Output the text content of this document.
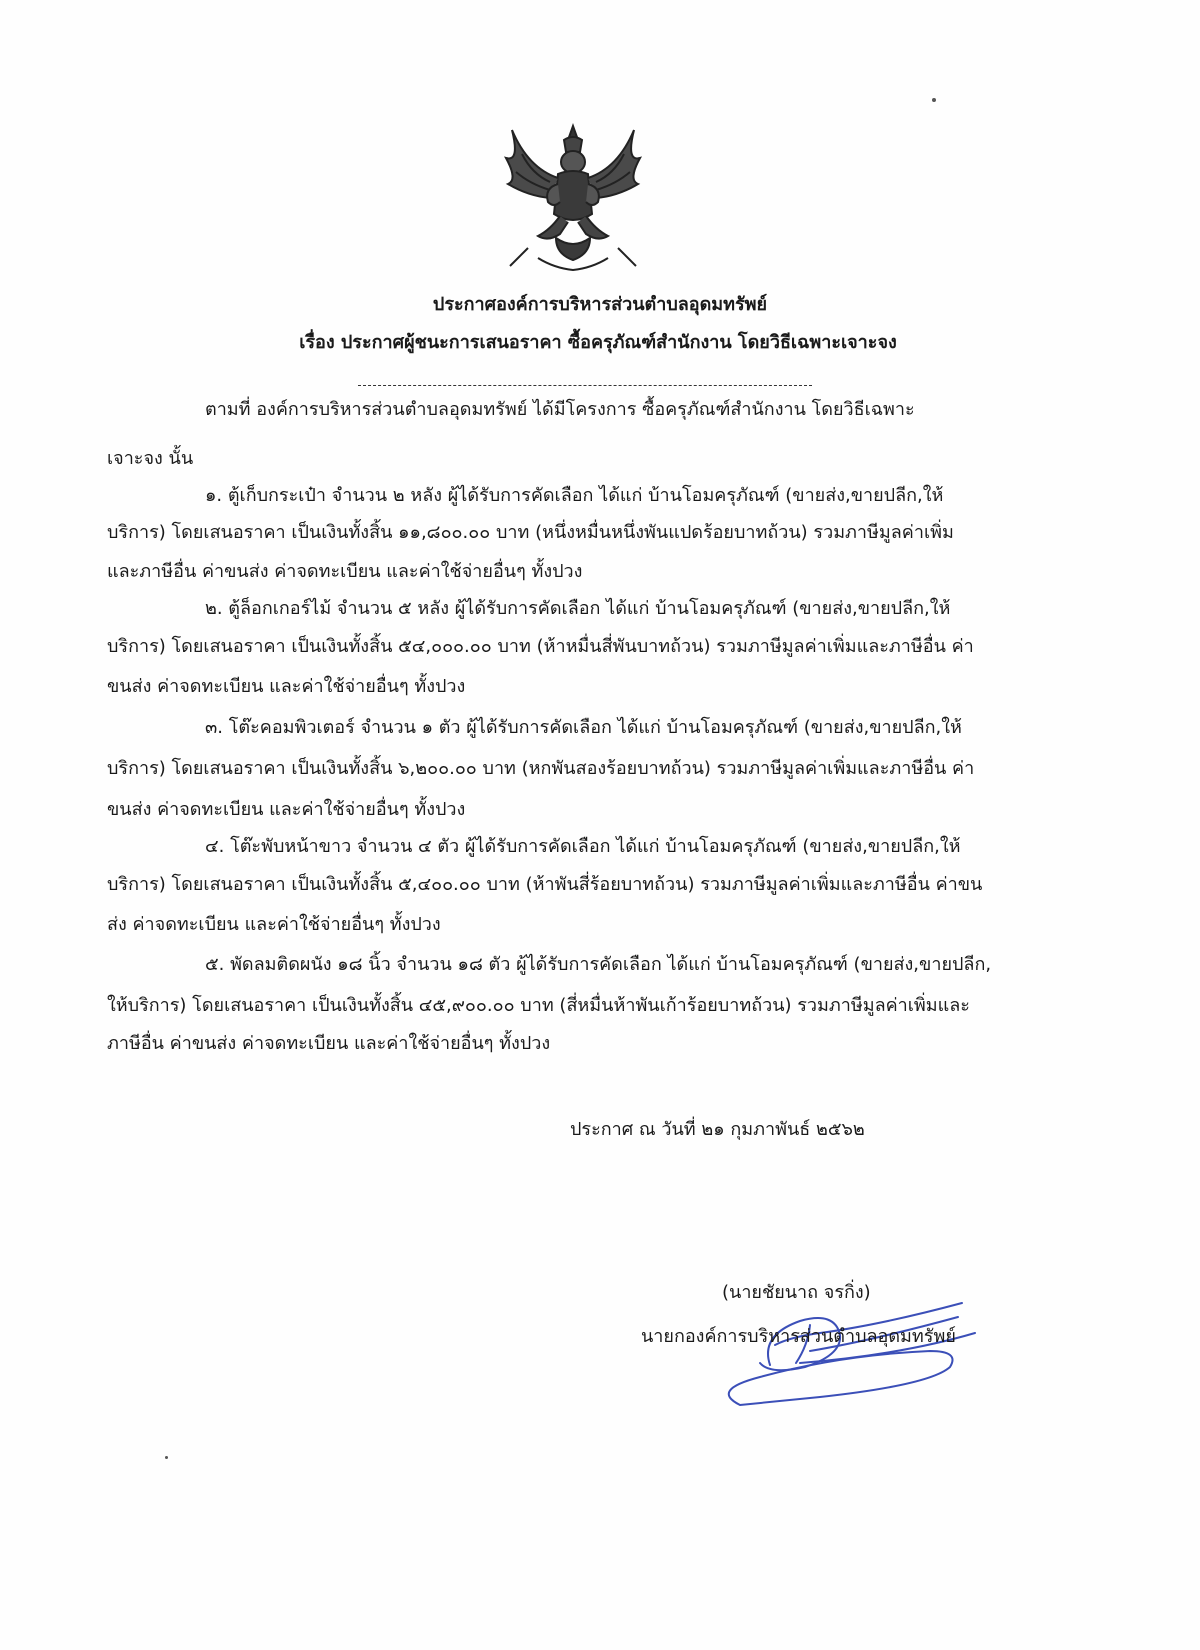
ประกาศองค์การบริหารส่วนตำบลอุดมทรัพย์
เรื่อง ประกาศผู้ชนะการเสนอราคา ซื้อครุภัณฑ์สำนักงาน โดยวิธีเฉพาะเจาะจง
ตามที่ องค์การบริหารส่วนตำบลอุดมทรัพย์ ได้มีโครงการ ซื้อครุภัณฑ์สำนักงาน โดยวิธีเฉพาะ
เจาะจง นั้น
๑. ตู้เก็บกระเป๋า จำนวน ๒ หลัง ผู้ได้รับการคัดเลือก ได้แก่ บ้านโอมครุภัณฑ์ (ขายส่ง,ขายปลีก,ให้
บริการ) โดยเสนอราคา เป็นเงินทั้งสิ้น ๑๑,๘๐๐.๐๐ บาท (หนึ่งหมื่นหนึ่งพันแปดร้อยบาทถ้วน) รวมภาษีมูลค่าเพิ่ม
และภาษีอื่น ค่าขนส่ง ค่าจดทะเบียน และค่าใช้จ่ายอื่นๆ ทั้งปวง
๒. ตู้ล็อกเกอร์ไม้ จำนวน ๕ หลัง ผู้ได้รับการคัดเลือก ได้แก่ บ้านโอมครุภัณฑ์ (ขายส่ง,ขายปลีก,ให้
บริการ) โดยเสนอราคา เป็นเงินทั้งสิ้น ๕๔,๐๐๐.๐๐ บาท (ห้าหมื่นสี่พันบาทถ้วน) รวมภาษีมูลค่าเพิ่มและภาษีอื่น ค่า
ขนส่ง ค่าจดทะเบียน และค่าใช้จ่ายอื่นๆ ทั้งปวง
๓. โต๊ะคอมพิวเตอร์ จำนวน ๑ ตัว ผู้ได้รับการคัดเลือก ได้แก่ บ้านโอมครุภัณฑ์ (ขายส่ง,ขายปลีก,ให้
บริการ) โดยเสนอราคา เป็นเงินทั้งสิ้น ๖,๒๐๐.๐๐ บาท (หกพันสองร้อยบาทถ้วน) รวมภาษีมูลค่าเพิ่มและภาษีอื่น ค่า
ขนส่ง ค่าจดทะเบียน และค่าใช้จ่ายอื่นๆ ทั้งปวง
๔. โต๊ะพับหน้าขาว จำนวน ๔ ตัว ผู้ได้รับการคัดเลือก ได้แก่ บ้านโอมครุภัณฑ์ (ขายส่ง,ขายปลีก,ให้
บริการ) โดยเสนอราคา เป็นเงินทั้งสิ้น ๕,๔๐๐.๐๐ บาท (ห้าพันสี่ร้อยบาทถ้วน) รวมภาษีมูลค่าเพิ่มและภาษีอื่น ค่าขน
ส่ง ค่าจดทะเบียน และค่าใช้จ่ายอื่นๆ ทั้งปวง
๕. พัดลมติดผนัง ๑๘ นิ้ว จำนวน ๑๘ ตัว ผู้ได้รับการคัดเลือก ได้แก่ บ้านโอมครุภัณฑ์ (ขายส่ง,ขายปลีก,
ให้บริการ) โดยเสนอราคา เป็นเงินทั้งสิ้น ๔๕,๙๐๐.๐๐ บาท (สี่หมื่นห้าพันเก้าร้อยบาทถ้วน) รวมภาษีมูลค่าเพิ่มและ
ภาษีอื่น ค่าขนส่ง ค่าจดทะเบียน และค่าใช้จ่ายอื่นๆ ทั้งปวง
ประกาศ ณ วันที่ ๒๑ กุมภาพันธ์ ๒๕๖๒
(นายชัยนาถ จรกิ่ง)
นายกองค์การบริหารส่วนตำบลอุดมทรัพย์
